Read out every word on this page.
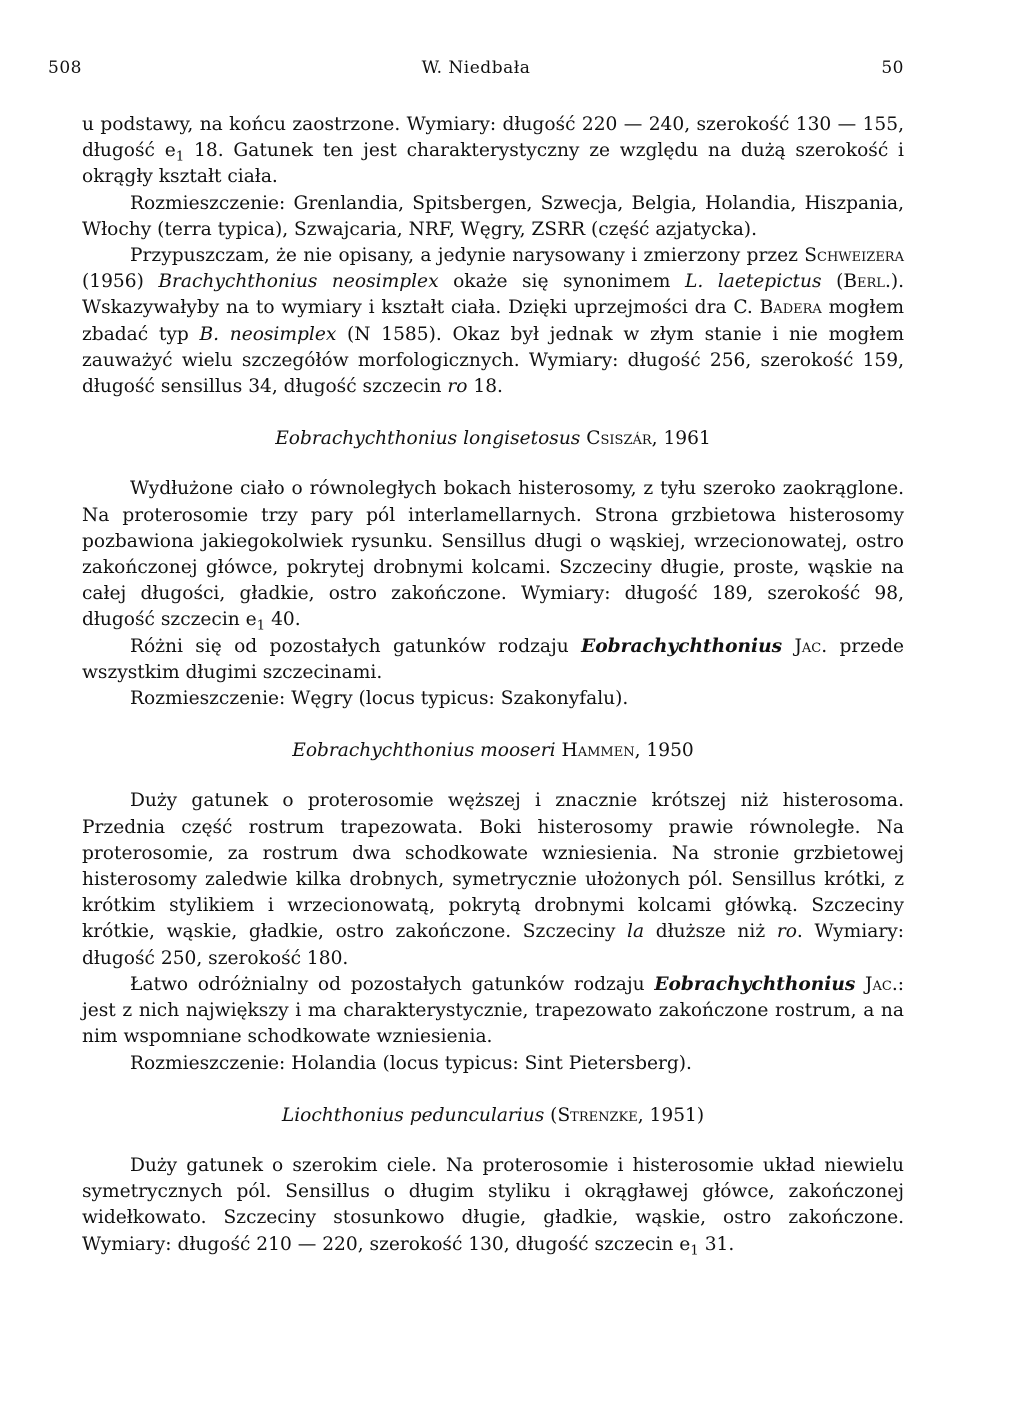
508	W. Niedbała	50

u podstawy, na końcu zaostrzone. Wymiary: długość 220 — 240, szerokość 130 — 155, długość $e_1$ 18. Gatunek ten jest charakterystyczny ze względu na dużą szerokość i okrągły kształt ciała.

Rozmieszczenie: Grenlandia, Spitsbergen, Szwecja, Belgia, Holandia, Hiszpania, Włochy (terra typica), Szwajcaria, NRF, Węgry, ZSRR (część azjatycka).

Przypuszczam, że nie opisany, a jedynie narysowany i zmierzony przez Schweizera (1956) Brachychthonius neosimplex okaże się synonimem L. laetepictus (Berl.). Wskazywałyby na to wymiary i kształt ciała. Dzięki uprzejmości dra C. Badera mogłem zbadać typ B. neosimplex (N 1585). Okaz był jednak w złym stanie i nie mogłem zauważyć wielu szczegółów morfologicznych. Wymiary: długość 256, szerokość 159, długość sensillus 34, długość szczecin ro 18.

Eobrachychthonius longisetosus Csiszár, 1961

Wydłużone ciało o równoległych bokach histerosomy, z tyłu szeroko zaokrąglone. Na proterosomie trzy pary pól interlamellarnych. Strona grzbietowa histerosomy pozbawiona jakiegokolwiek rysunku. Sensillus długi o wąskiej, wrzecionowatej, ostro zakończonej główce, pokrytej drobnymi kolcami. Szczeciny długie, proste, wąskie na całej długości, gładkie, ostro zakończone. Wymiary: długość 189, szerokość 98, długość szczecin $e_1$ 40.

Różni się od pozostałych gatunków rodzaju Eobrachychthonius Jac. przede wszystkim długimi szczecinami.

Rozmieszczenie: Węgry (locus typicus: Szakonyfalu).

Eobrachychthonius mooseri Hammen, 1950

Duży gatunek o proterosomie węższej i znacznie krótszej niż histerosoma. Przednia część rostrum trapezowata. Boki histerosomy prawie równoległe. Na proterosomie, za rostrum dwa schodkowate wzniesienia. Na stronie grzbietowej histerosomy zaledwie kilka drobnych, symetrycznie ułożonych pól. Sensillus krótki, z krótkim stylikiem i wrzecionowatą, pokrytą drobnymi kolcami główką. Szczeciny krótkie, wąskie, gładkie, ostro zakończone. Szczeciny la dłuższe niż ro. Wymiary: długość 250, szerokość 180.

Łatwo odróżnialny od pozostałych gatunków rodzaju Eobrachychthonius Jac.: jest z nich największy i ma charakterystycznie, trapezowato zakończone rostrum, a na nim wspomniane schodkowate wzniesienia.

Rozmieszczenie: Holandia (locus typicus: Sint Pietersberg).

Liochthonius peduncularius (Strenzke, 1951)

Duży gatunek o szerokim ciele. Na proterosomie i histerosomie układ niewielu symetrycznych pól. Sensillus o długim styliku i okrągławej główce, zakończonej widełkowato. Szczeciny stosunkowo długie, gładkie, wąskie, ostro zakończone. Wymiary: długość 210 — 220, szerokość 130, długość szczecin $e_1$ 31.
